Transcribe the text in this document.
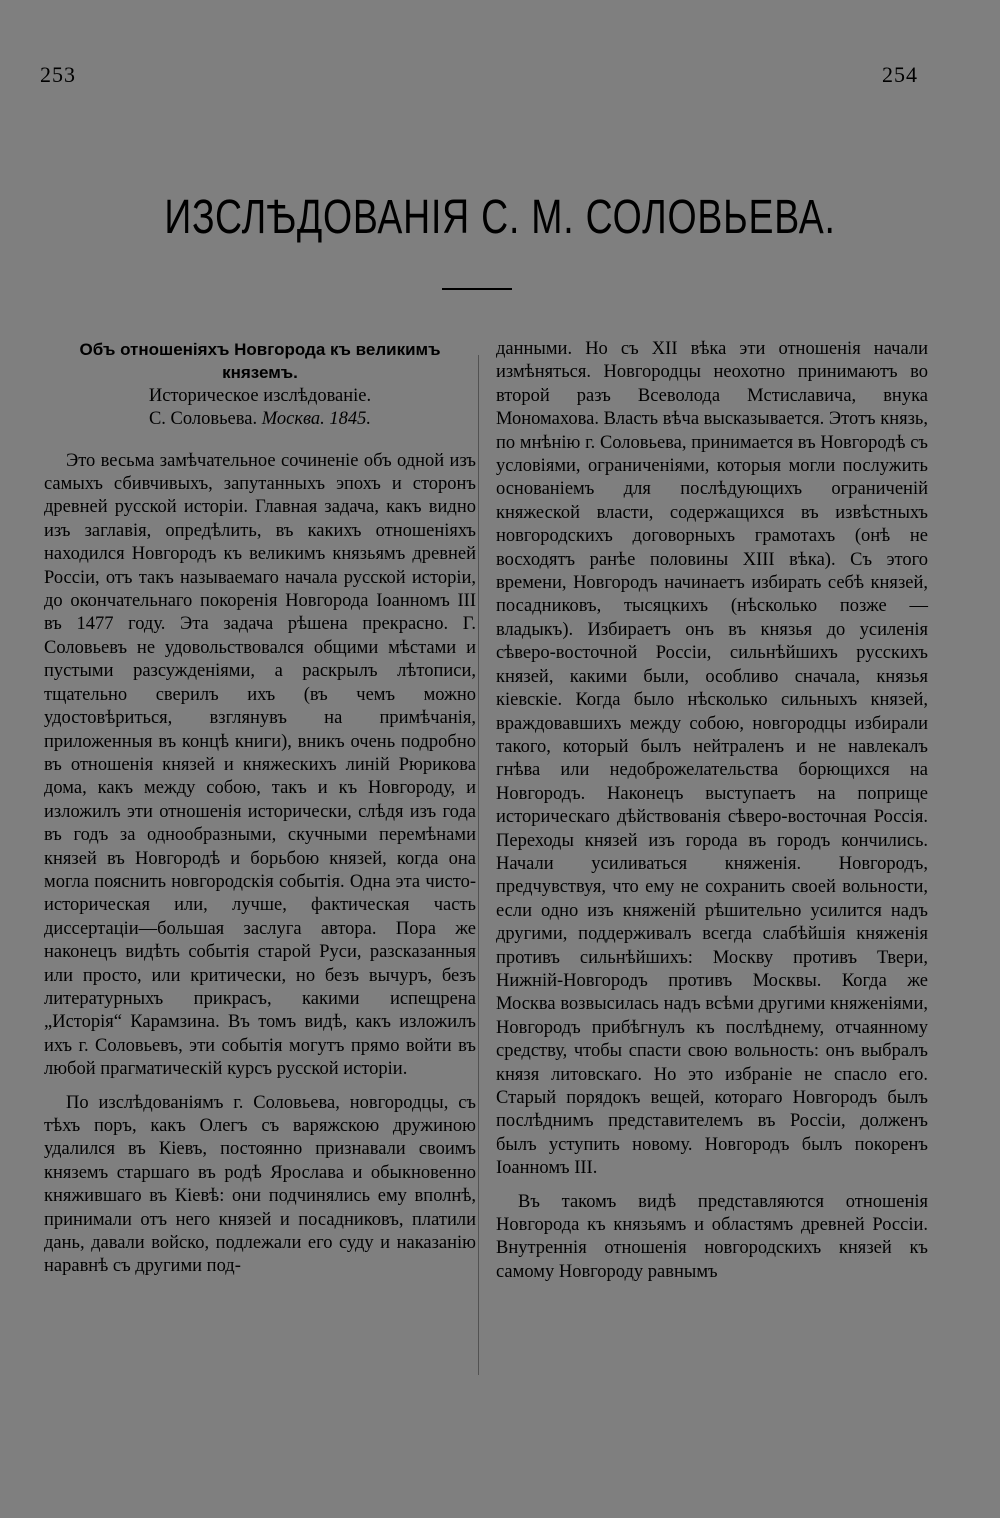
253	254
ИЗСЛѢДОВАНІЯ С. М. СОЛОВЬЕВА.
Объ отношеніяхъ Новгорода къ великимъ княземъ.
Историческое изслѣдованіе.
С. Соловьева. Москва. 1845.

Это весьма замѣчательное сочиненіе объ одной изъ самыхъ сбивчивыхъ, запутанныхъ эпохъ и сторонъ древней русской исторіи. Главная задача, какъ видно изъ заглавія, опредѣлить, въ какихъ отношеніяхъ находился Новгородъ къ великимъ князьямъ древней Россіи, отъ такъ называемаго начала русской исторіи, до окончательнаго покоренія Новгорода Іоанномъ III въ 1477 году. Эта задача рѣшена прекрасно. Г. Соловьевъ не удовольствовался общими мѣстами и пустыми разсужденіями, а раскрылъ лѣтописи, тщательно сверилъ ихъ (въ чемъ можно удостовѣриться, взглянувъ на примѣчанія, приложенныя въ концѣ книги), вникъ очень подробно въ отношенія князей и княжескихъ линій Рюрикова дома, какъ между собою, такъ и къ Новгороду, и изложилъ эти отношенія исторически, слѣдя изъ года въ годъ за однообразными, скучными перемѣнами князей въ Новгородѣ и борьбою князей, когда она могла пояснить новгородскія событія. Одна эта чисто-историческая или, лучше, фактическая часть диссертаціи—большая заслуга автора. Пора же наконецъ видѣть событія старой Руси, разсказанныя или просто, или критически, но безъ вычуръ, безъ литературныхъ прикрасъ, какими испещрена „Исторія“ Карамзина. Въ томъ видѣ, какъ изложилъ ихъ г. Соловьевъ, эти событія могутъ прямо войти въ любой прагматическій курсъ русской исторіи.

По изслѣдованіямъ г. Соловьева, новгородцы, съ тѣхъ поръ, какъ Олегъ съ варяжскою дружиною удалился въ Кіевъ, постоянно признавали своимъ княземъ старшаго въ родѣ Ярослава и обыкновенно княжившаго въ Кіевѣ: они подчинялись ему вполнѣ, принимали отъ него князей и посадниковъ, платили дань, давали войско, подлежали его суду и наказанію наравнѣ съ другими под-

данными. Но съ XII вѣка эти отношенія начали измѣняться. Новгородцы неохотно принимаютъ во второй разъ Всеволода Мстиславича, внука Мономахова. Власть вѣча высказывается. Этотъ князь, по мнѣнію г. Соловьева, принимается въ Новгородѣ съ условіями, ограниченіями, которыя могли послужить основаніемъ для послѣдующихъ ограниченій княжеской власти, содержащихся въ извѣстныхъ новгородскихъ договорныхъ грамотахъ (онѣ не восходятъ ранѣе половины XIII вѣка). Съ этого времени, Новгородъ начинаетъ избирать себѣ князей, посадниковъ, тысяцкихъ (нѣсколько позже — владыкъ). Избираетъ онъ въ князья до усиленія сѣверо-восточной Россіи, сильнѣйшихъ русскихъ князей, какими были, особливо сначала, князья кіевскіе. Когда было нѣсколько сильныхъ князей, враждовавшихъ между собою, новгородцы избирали такого, который былъ нейтраленъ и не навлекалъ гнѣва или недоброжелательства борющихся на Новгородъ. Наконецъ выступаетъ на поприще историческаго дѣйствованія сѣверо-восточная Россія. Переходы князей изъ города въ городъ кончились. Начали усиливаться княженія. Новгородъ, предчувствуя, что ему не сохранить своей вольности, если одно изъ княженій рѣшительно усилится надъ другими, поддерживалъ всегда слабѣйшія княженія противъ сильнѣйшихъ: Москву противъ Твери, Нижній-Новгородъ противъ Москвы. Когда же Москва возвысилась надъ всѣми другими княженіями, Новгородъ прибѣгнулъ къ послѣднему, отчаянному средству, чтобы спасти свою вольность: онъ выбралъ князя литовскаго. Но это избраніе не спасло его. Старый порядокъ вещей, котораго Новгородъ былъ послѣднимъ представителемъ въ Россіи, долженъ былъ уступить новому. Новгородъ былъ покоренъ Іоанномъ III.

Въ такомъ видѣ представляются отношенія Новгорода къ князьямъ и областямъ древней Россіи. Внутреннія отношенія новгородскихъ князей къ самому Новгороду равнымъ
